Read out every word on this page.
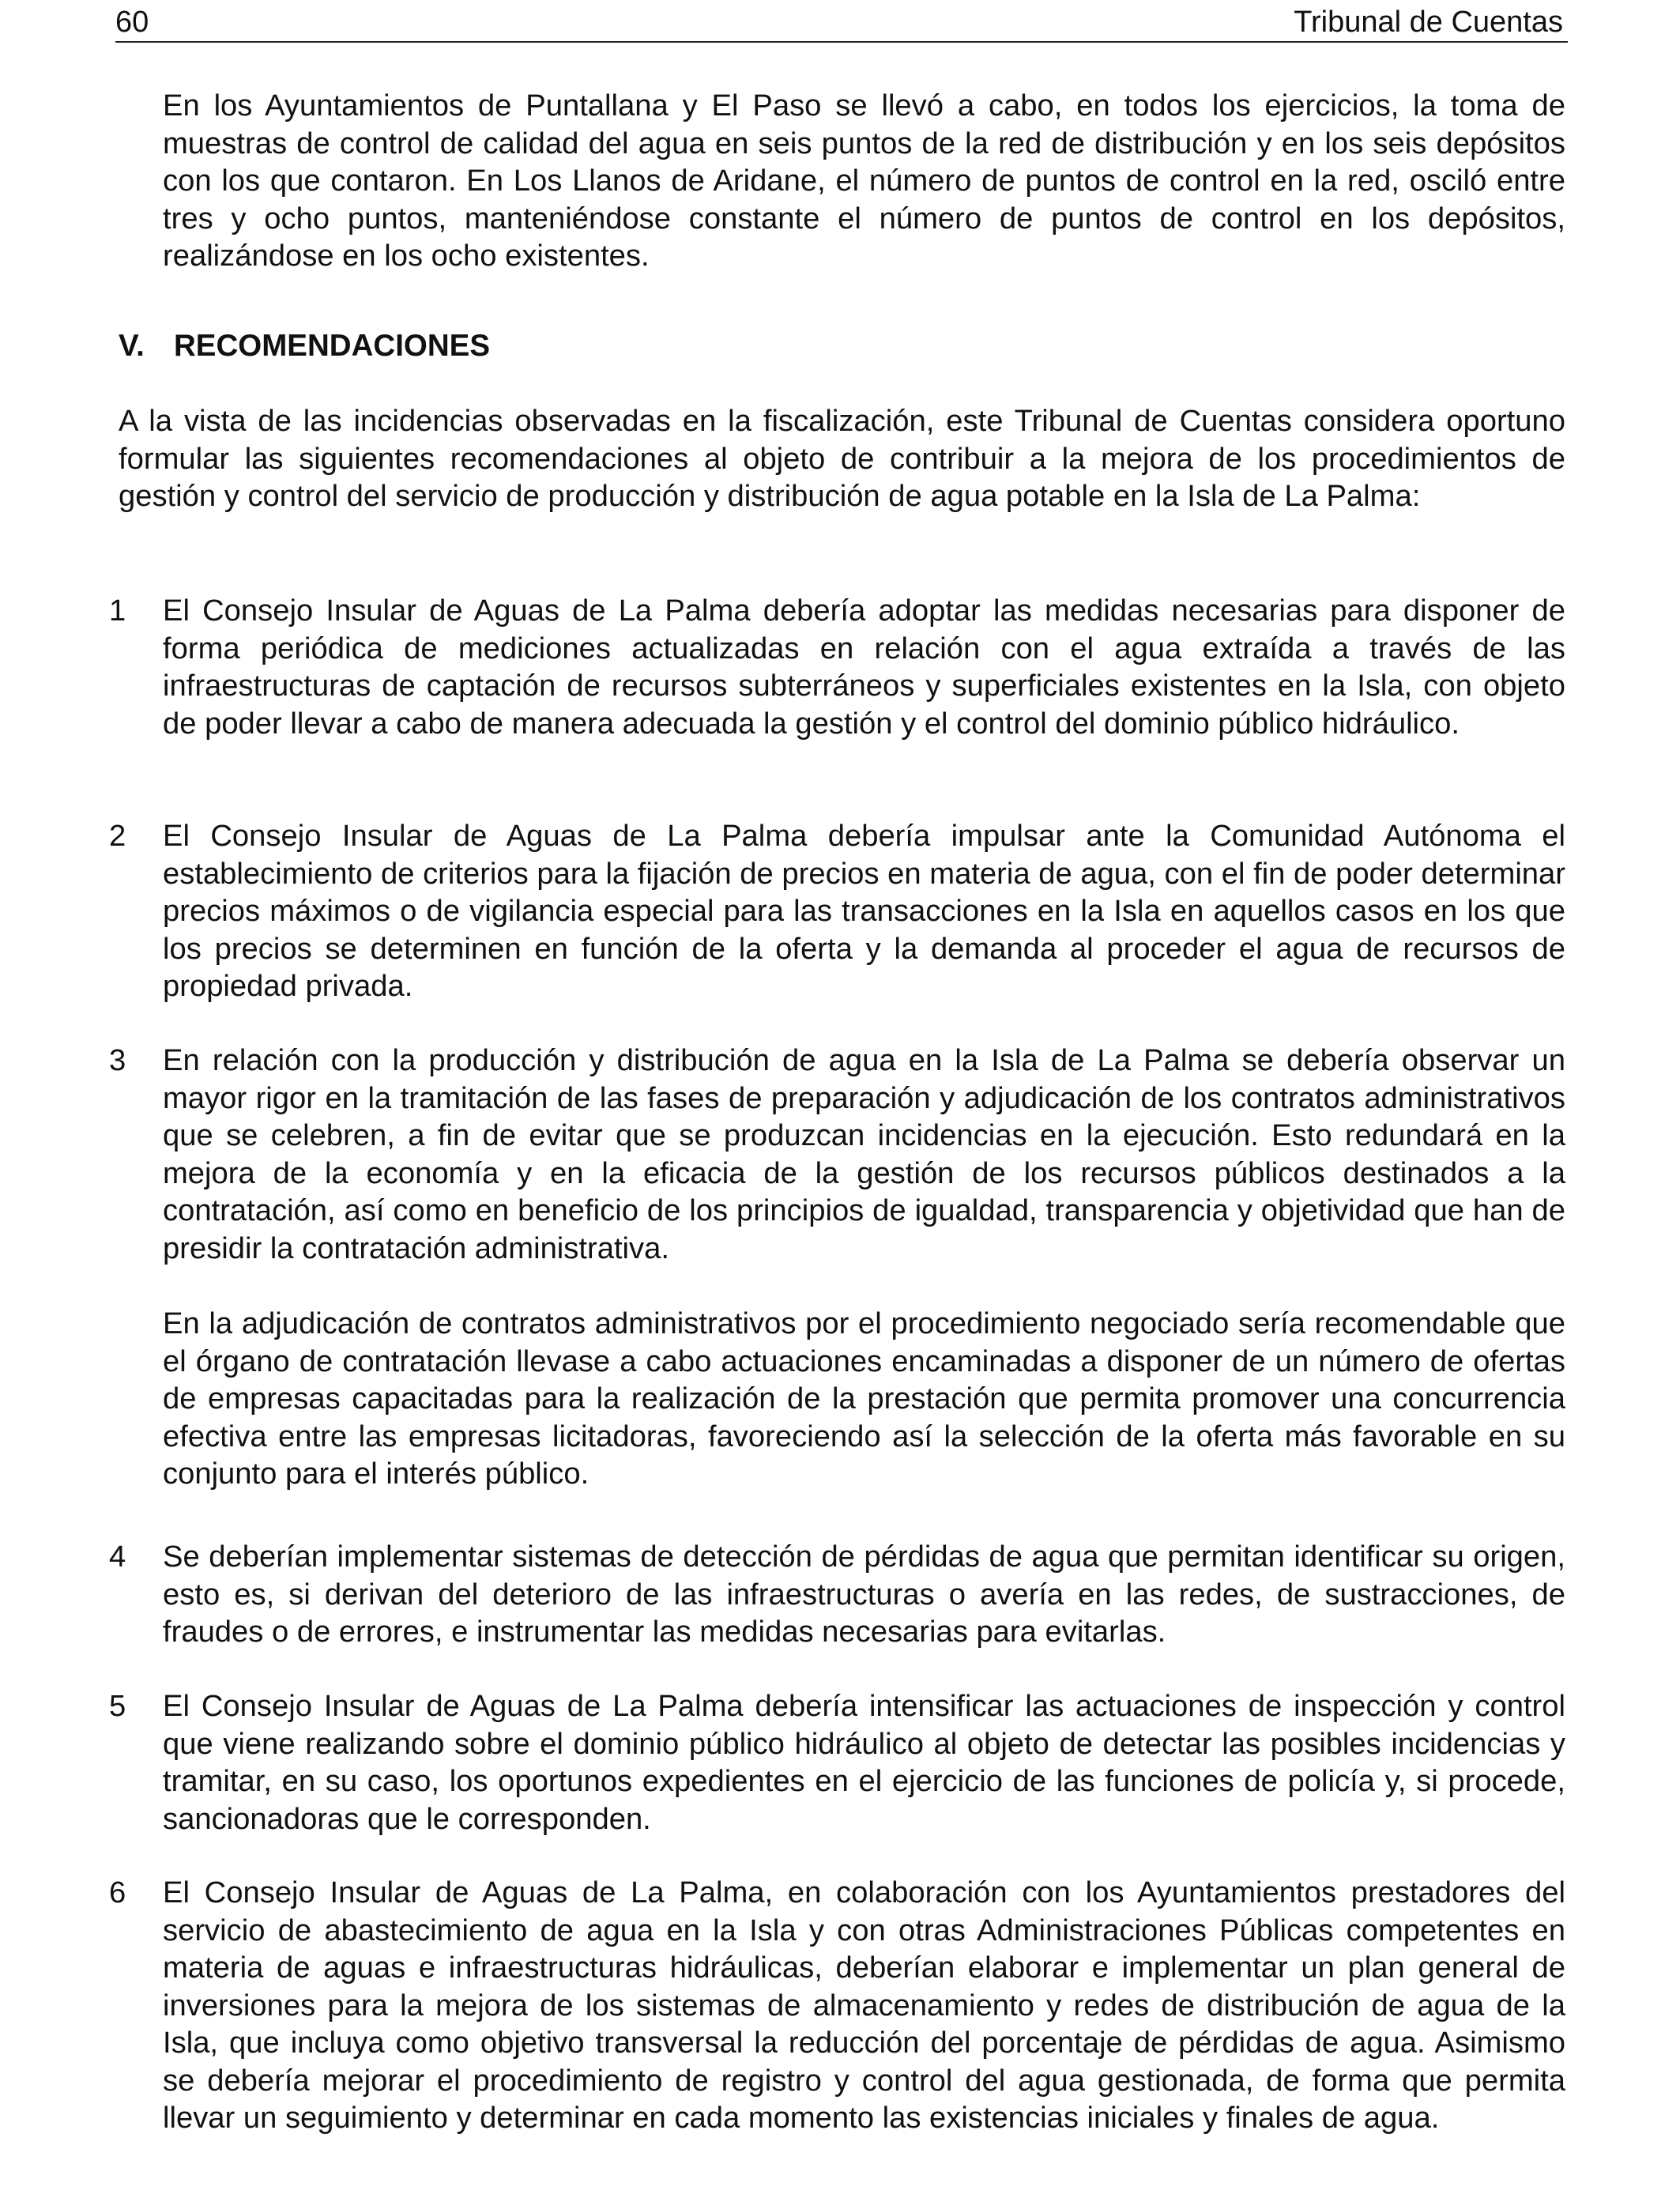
60	Tribunal de Cuentas

En los Ayuntamientos de Puntallana y El Paso se llevó a cabo, en todos los ejercicios, la toma de muestras de control de calidad del agua en seis puntos de la red de distribución y en los seis depósitos con los que contaron. En Los Llanos de Aridane, el número de puntos de control en la red, osciló entre tres y ocho puntos, manteniéndose constante el número de puntos de control en los depósitos, realizándose en los ocho existentes.

V. RECOMENDACIONES

A la vista de las incidencias observadas en la fiscalización, este Tribunal de Cuentas considera oportuno formular las siguientes recomendaciones al objeto de contribuir a la mejora de los procedimientos de gestión y control del servicio de producción y distribución de agua potable en la Isla de La Palma:

1 El Consejo Insular de Aguas de La Palma debería adoptar las medidas necesarias para disponer de forma periódica de mediciones actualizadas en relación con el agua extraída a través de las infraestructuras de captación de recursos subterráneos y superficiales existentes en la Isla, con objeto de poder llevar a cabo de manera adecuada la gestión y el control del dominio público hidráulico.

2 El Consejo Insular de Aguas de La Palma debería impulsar ante la Comunidad Autónoma el establecimiento de criterios para la fijación de precios en materia de agua, con el fin de poder determinar precios máximos o de vigilancia especial para las transacciones en la Isla en aquellos casos en los que los precios se determinen en función de la oferta y la demanda al proceder el agua de recursos de propiedad privada.

3 En relación con la producción y distribución de agua en la Isla de La Palma se debería observar un mayor rigor en la tramitación de las fases de preparación y adjudicación de los contratos administrativos que se celebren, a fin de evitar que se produzcan incidencias en la ejecución. Esto redundará en la mejora de la economía y en la eficacia de la gestión de los recursos públicos destinados a la contratación, así como en beneficio de los principios de igualdad, transparencia y objetividad que han de presidir la contratación administrativa.

En la adjudicación de contratos administrativos por el procedimiento negociado sería recomendable que el órgano de contratación llevase a cabo actuaciones encaminadas a disponer de un número de ofertas de empresas capacitadas para la realización de la prestación que permita promover una concurrencia efectiva entre las empresas licitadoras, favoreciendo así la selección de la oferta más favorable en su conjunto para el interés público.

4 Se deberían implementar sistemas de detección de pérdidas de agua que permitan identificar su origen, esto es, si derivan del deterioro de las infraestructuras o avería en las redes, de sustracciones, de fraudes o de errores, e instrumentar las medidas necesarias para evitarlas.

5 El Consejo Insular de Aguas de La Palma debería intensificar las actuaciones de inspección y control que viene realizando sobre el dominio público hidráulico al objeto de detectar las posibles incidencias y tramitar, en su caso, los oportunos expedientes en el ejercicio de las funciones de policía y, si procede, sancionadoras que le corresponden.

6 El Consejo Insular de Aguas de La Palma, en colaboración con los Ayuntamientos prestadores del servicio de abastecimiento de agua en la Isla y con otras Administraciones Públicas competentes en materia de aguas e infraestructuras hidráulicas, deberían elaborar e implementar un plan general de inversiones para la mejora de los sistemas de almacenamiento y redes de distribución de agua de la Isla, que incluya como objetivo transversal la reducción del porcentaje de pérdidas de agua. Asimismo se debería mejorar el procedimiento de registro y control del agua gestionada, de forma que permita llevar un seguimiento y determinar en cada momento las existencias iniciales y finales de agua.
